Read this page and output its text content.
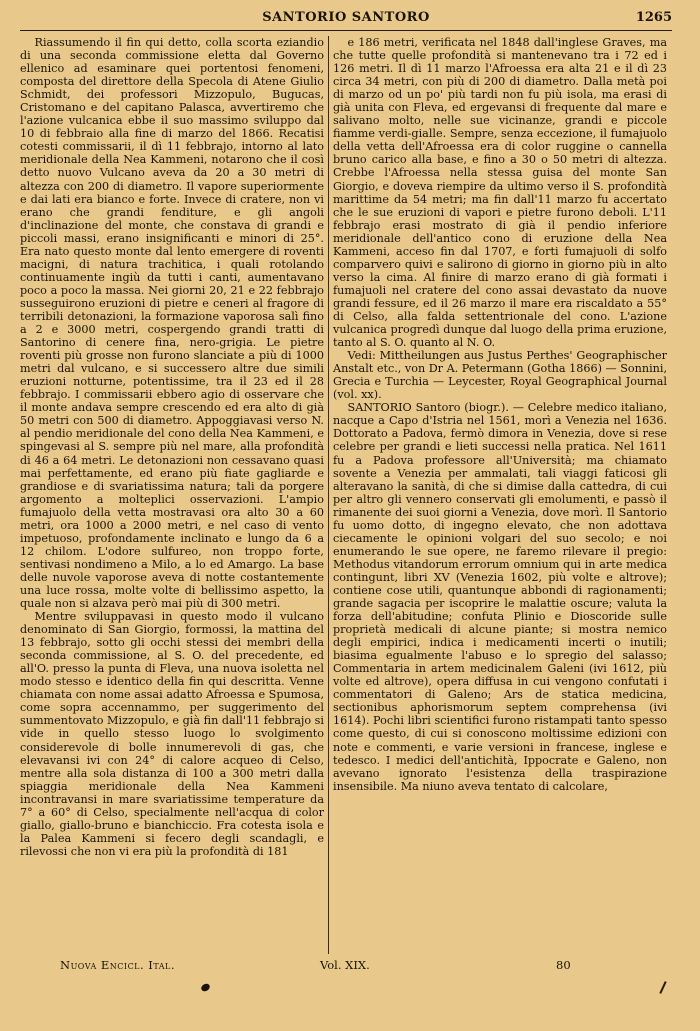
SANTORIO SANTORO	1265

Riassumendo il fin qui detto, colla scorta eziandio di una seconda commissione eletta dal Governo ellenico ad esaminare quei portentosi fenomeni, composta del direttore della Specola di Atene Giulio Schmidt, dei professori Mizzopulo, Bugucas, Cristomano e del capitano Palasca, avvertiremo che l'azione vulcanica ebbe il suo massimo sviluppo dal 10 di febbraio alla fine di marzo del 1866. Recatisi cotesti commissarii, il dì 11 febbrajo, intorno al lato meridionale della Nea Kammeni, notarono che il così detto nuovo Vulcano aveva da 20 a 30 metri di altezza con 200 di diametro. Il vapore superiormente e dai lati era bianco e forte. Invece di cratere, non vi erano che grandi fenditure, e gli angoli d'inclinazione del monte, che constava di grandi e piccoli massi, erano insignificanti e minori di 25°. Era nato questo monte dal lento emergere di roventi macigni, di natura trachitica, i quali rotolando continuamente ingiù da tutti i canti, aumentavano poco a poco la massa. Nei giorni 20, 21 e 22 febbrajo susseguirono eruzioni di pietre e ceneri al fragore di terribili detonazioni, la formazione vaporosa salì fino a 2 e 3000 metri, cospergendo grandi tratti di Santorino di cenere fina, nero-grigia. Le pietre roventi più grosse non furono slanciate a più di 1000 metri dal vulcano, e si successero altre due simili eruzioni notturne, potentissime, tra il 23 ed il 28 febbrajo. I commissarii ebbero agio di osservare che il monte andava sempre crescendo ed era alto di già 50 metri con 500 di diametro. Appoggiavasi verso N. al pendio meridionale del cono della Nea Kammeni, e spingevasi al S. sempre più nel mare, alla profondità di 46 a 64 metri. Le detonazioni non cessavano quasi mai perfettamente, ed erano più fiate gagliarde e grandiose e di svariatissima natura; tali da porgere argomento a molteplici osservazioni. L'ampio fumajuolo della vetta mostravasi ora alto 30 a 60 metri, ora 1000 a 2000 metri, e nel caso di vento impetuoso, profondamente inclinato e lungo da 6 a 12 chilom. L'odore sulfureo, non troppo forte, sentivasi nondimeno a Milo, a lo ed Amargo. La base delle nuvole vaporose aveva di notte costantemente una luce rossa, molte volte di bellissimo aspetto, la quale non si alzava però mai più di 300 metri.

Mentre sviluppavasi in questo modo il vulcano denominato di San Giorgio, formossi, la mattina del 13 febbrajo, sotto gli occhi stessi dei membri della seconda commissione, al S. O. del precedente, ed all'O. presso la punta di Fleva, una nuova isoletta nel modo stesso e identico della fin qui descritta. Venne chiamata con nome assai adatto Afroessa e Spumosa, come sopra accennammo, per suggerimento del summentovato Mizzopulo, e già fin dall'11 febbrajo si vide in quello stesso luogo lo svolgimento considerevole di bolle innumerevoli di gas, che elevavansi ivi con 24° di calore acqueo di Celso, mentre alla sola distanza di 100 a 300 metri dalla spiaggia meridionale della Nea Kammeni incontravansi in mare svariatissime temperature da 7° a 60° di Celso, specialmente nell'acqua di color giallo, giallo-bruno e bianchiccio. Fra cotesta isola e la Palea Kammeni si fecero degli scandagli, e rilevossi che non vi era più la profondità di 181

e 186 metri, verificata nel 1848 dall'inglese Graves, ma che tutte quelle profondità si mantenevano tra i 72 ed i 126 metri. Il dì 11 marzo l'Afroessa era alta 21 e il dì 23 circa 34 metri, con più di 200 di diametro. Dalla metà poi di marzo od un po' più tardi non fu più isola, ma erasi di già unita con Fleva, ed ergevansi di frequente dal mare e salivano molto, nelle sue vicinanze, grandi e piccole fiamme verdi-gialle. Sempre, senza eccezione, il fumajuolo della vetta dell'Afroessa era di color ruggine o cannella bruno carico alla base, e fino a 30 o 50 metri di altezza. Crebbe l'Afroessa nella stessa guisa del monte San Giorgio, e doveva riempire da ultimo verso il S. profondità marittime da 54 metri; ma fin dall'11 marzo fu accertato che le sue eruzioni di vapori e pietre furono deboli. L'11 febbrajo erasi mostrato di già il pendio inferiore meridionale dell'antico cono di eruzione della Nea Kammeni, acceso fin dal 1707, e forti fumajuoli di solfo comparvero quivi e salirono di giorno in giorno più in alto verso la cima. Al finire di marzo erano di già formati i fumajuoli nel cratere del cono assai devastato da nuove grandi fessure, ed il 26 marzo il mare era riscaldato a 55° di Celso, alla falda settentrionale del cono. L'azione vulcanica progredì dunque dal luogo della prima eruzione, tanto al S. O. quanto al N. O.

Vedi: Mittheilungen aus Justus Perthes' Geographischer Anstalt etc., von Dr A. Petermann (Gotha 1866) — Sonnini, Grecia e Turchia — Leycester, Royal Geographical Journal (vol. xx).

SANTORIO Santoro (biogr.). — Celebre medico italiano, nacque a Capo d'Istria nel 1561, morì a Venezia nel 1636. Dottorato a Padova, fermò dimora in Venezia, dove si rese celebre per grandi e lieti successi nella pratica. Nel 1611 fu a Padova professore all'Università; ma chiamato sovente a Venezia per ammalati, tali viaggi faticosi gli alteravano la sanità, di che si dimise dalla cattedra, di cui per altro gli vennero conservati gli emolumenti, e passò il rimanente dei suoi giorni a Venezia, dove morì. Il Santorio fu uomo dotto, di ingegno elevato, che non adottava ciecamente le opinioni volgari del suo secolo; e noi enumerando le sue opere, ne faremo rilevare il pregio: Methodus vitandorum errorum omnium qui in arte medica contingunt, libri XV (Venezia 1602, più volte e altrove); contiene cose utili, quantunque abbondi di ragionamenti; grande sagacia per iscoprire le malattie oscure; valuta la forza dell'abitudine; confuta Plinio e Dioscoride sulle proprietà medicali di alcune piante; si mostra nemico degli empirici, indica i medicamenti incerti o inutili; biasima egualmente l'abuso e lo spregio del salasso; Commentaria in artem medicinalem Galeni (ivi 1612, più volte ed altrove), opera diffusa in cui vengono confutati i commentatori di Galeno; Ars de statica medicina, sectionibus aphorismorum septem comprehensa (ivi 1614). Pochi libri scientifici furono ristampati tanto spesso come questo, di cui si conoscono moltissime edizioni con note e commenti, e varie versioni in francese, inglese e tedesco. I medici dell'antichità, Ippocrate e Galeno, non avevano ignorato l'esistenza della traspirazione insensibile. Ma niuno aveva tentato di calcolare,

Nuova Encicl. Ital.	Vol. XIX.	80
